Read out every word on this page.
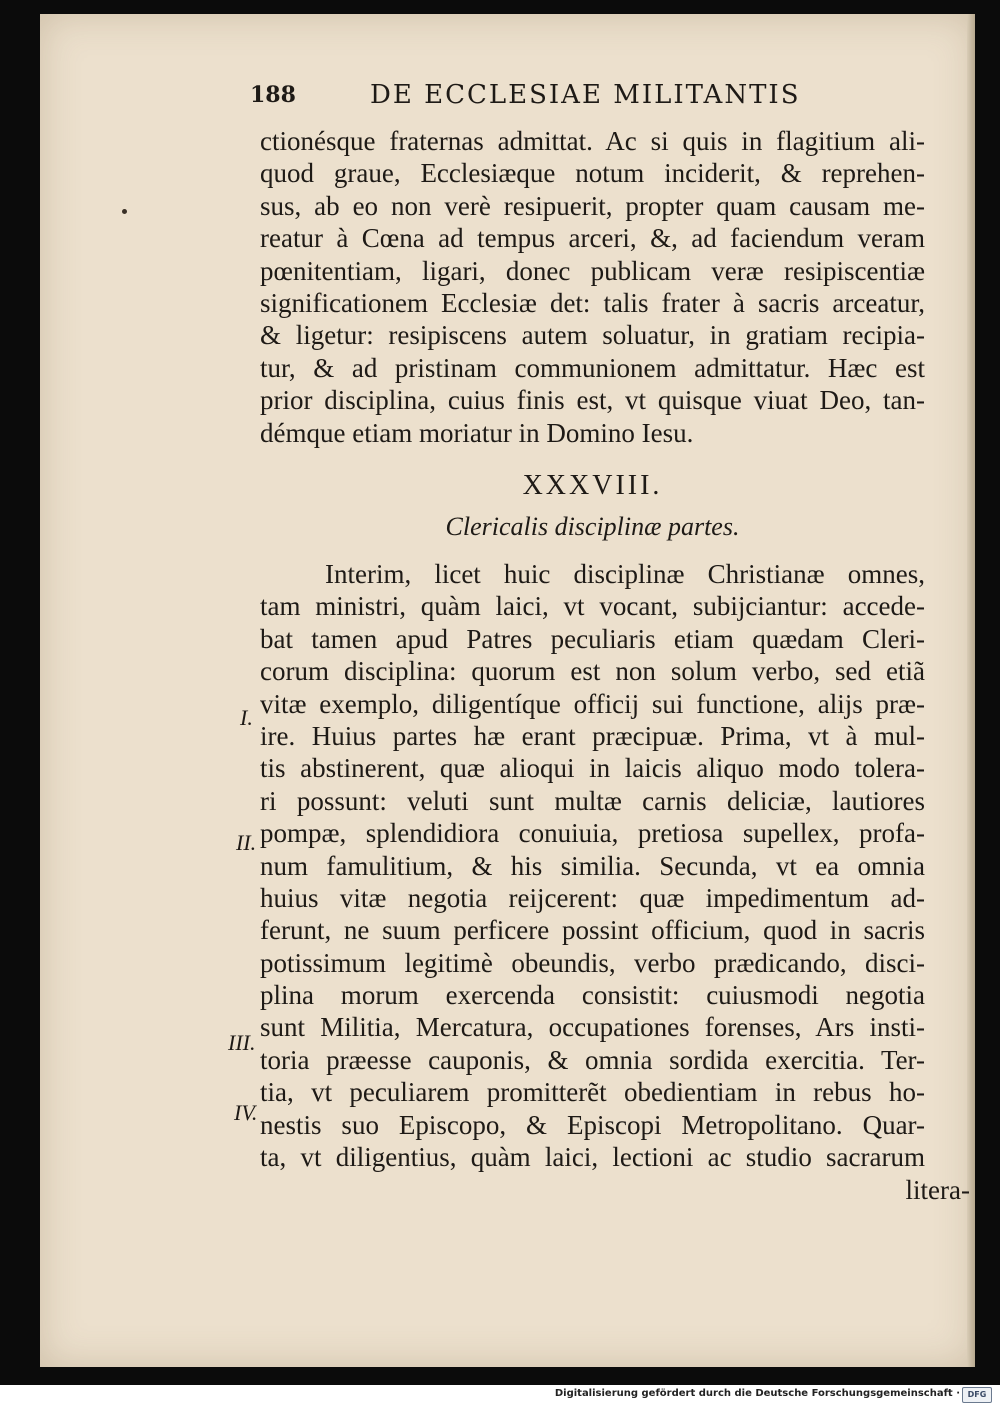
188	DE ECCLESIAE MILITANTIS
ctionésque fraternas admittat. Ac si quis in flagitium ali-
quod graue, Ecclesiæque notum inciderit, & reprehen-
sus, ab eo non verè resipuerit, propter quam causam me-
reatur à Cœna ad tempus arceri, &, ad faciendum veram
pœnitentiam, ligari, donec publicam veræ resipiscentiæ
significationem Ecclesiæ det: talis frater à sacris arceatur,
& ligetur: resipiscens autem soluatur, in gratiam recipia-
tur, & ad pristinam communionem admittatur. Hæc est
prior disciplina, cuius finis est, vt quisque viuat Deo, tan-
démque etiam moriatur in Domino Iesu.
XXXVIII.
Clericalis disciplinæ partes.
Interim, licet huic disciplinæ Christianæ omnes,
tam ministri, quàm laici, vt vocant, subijciantur: accede-
bat tamen apud Patres peculiaris etiam quædam Cleri-
corum disciplina: quorum est non solum verbo, sed etiã
vitæ exemplo, diligentíque officij sui functione, alijs præ-
ire. Huius partes hæ erant præcipuæ. Prima, vt à mul-
tis abstinerent, quæ alioqui in laicis aliquo modo tolera-
ri possunt: veluti sunt multæ carnis deliciæ, lautiores
pompæ, splendidiora conuiuia, pretiosa supellex, profa-
num famulitium, & his similia. Secunda, vt ea omnia
huius vitæ negotia reijcerent: quæ impedimentum ad-
ferunt, ne suum perficere possint officium, quod in sacris
potissimum legitimè obeundis, verbo prædicando, disci-
plina morum exercenda consistit: cuiusmodi negotia
sunt Militia, Mercatura, occupationes forenses, Ars insti-
toria præesse cauponis, & omnia sordida exercitia. Ter-
tia, vt peculiarem promitterẽt obedientiam in rebus ho-
nestis suo Episcopo, & Episcopi Metropolitano. Quar-
ta, vt diligentius, quàm laici, lectioni ac studio sacrarum
I.
II.
III.
IV.
litera-
Digitalisierung gefördert durch die Deutsche Forschungsgemeinschaft · DFG
